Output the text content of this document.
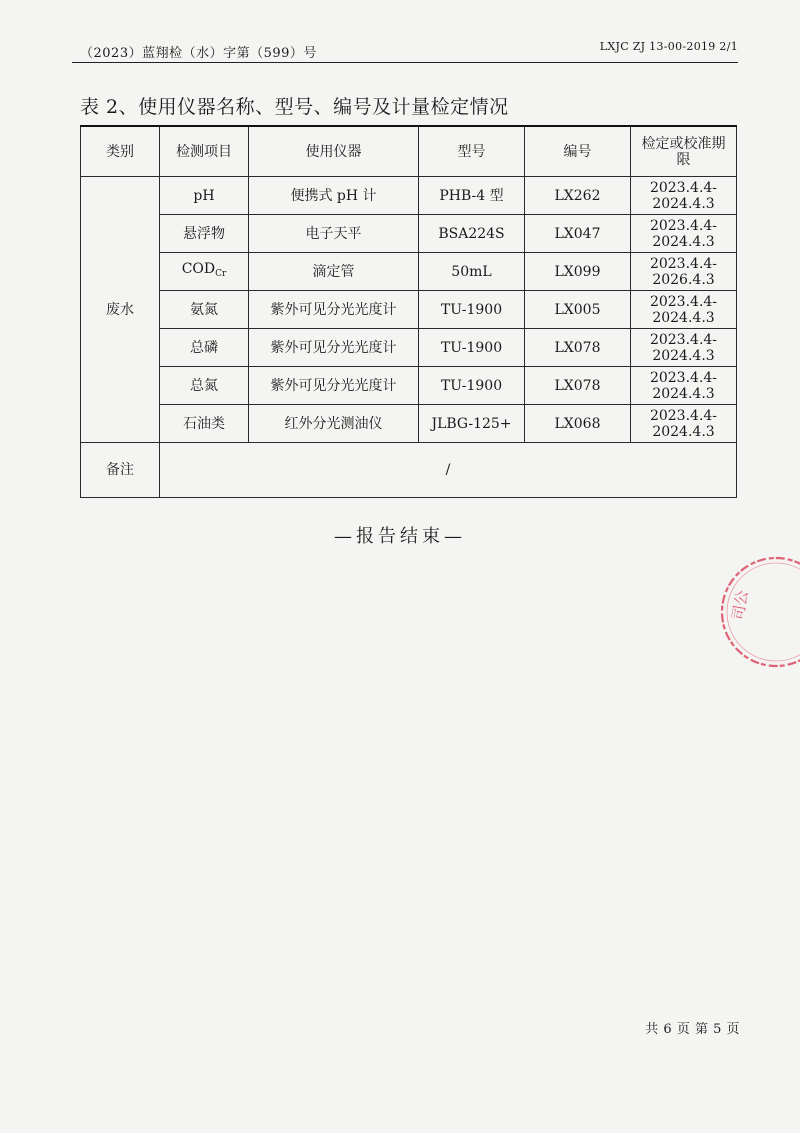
（2023）蓝翔检（水）字第（599）号	LXJC ZJ 13-00-2019 2/1
表 2、使用仪器名称、型号、编号及计量检定情况
类别	检测项目	使用仪器	型号	编号	检定或校准期限
废水	pH	便携式 pH 计	PHB-4 型	LX262	2023.4.4-
2024.4.3
	悬浮物	电子天平	BSA224S	LX047	2023.4.4-
2024.4.3
	$COD_{Cr}$	滴定管	50mL	LX099	2023.4.4-
2026.4.3
	氨氮	紫外可见分光光度计	TU-1900	LX005	2023.4.4-
2024.4.3
	总磷	紫外可见分光光度计	TU-1900	LX078	2023.4.4-
2024.4.3
	总氮	紫外可见分光光度计	TU-1900	LX078	2023.4.4-
2024.4.3
	石油类	红外分光测油仪	JLBG-125+	LX068	2023.4.4-
2024.4.3
备注	/				
—报告结束—
司公
共 6 页 第 5 页
